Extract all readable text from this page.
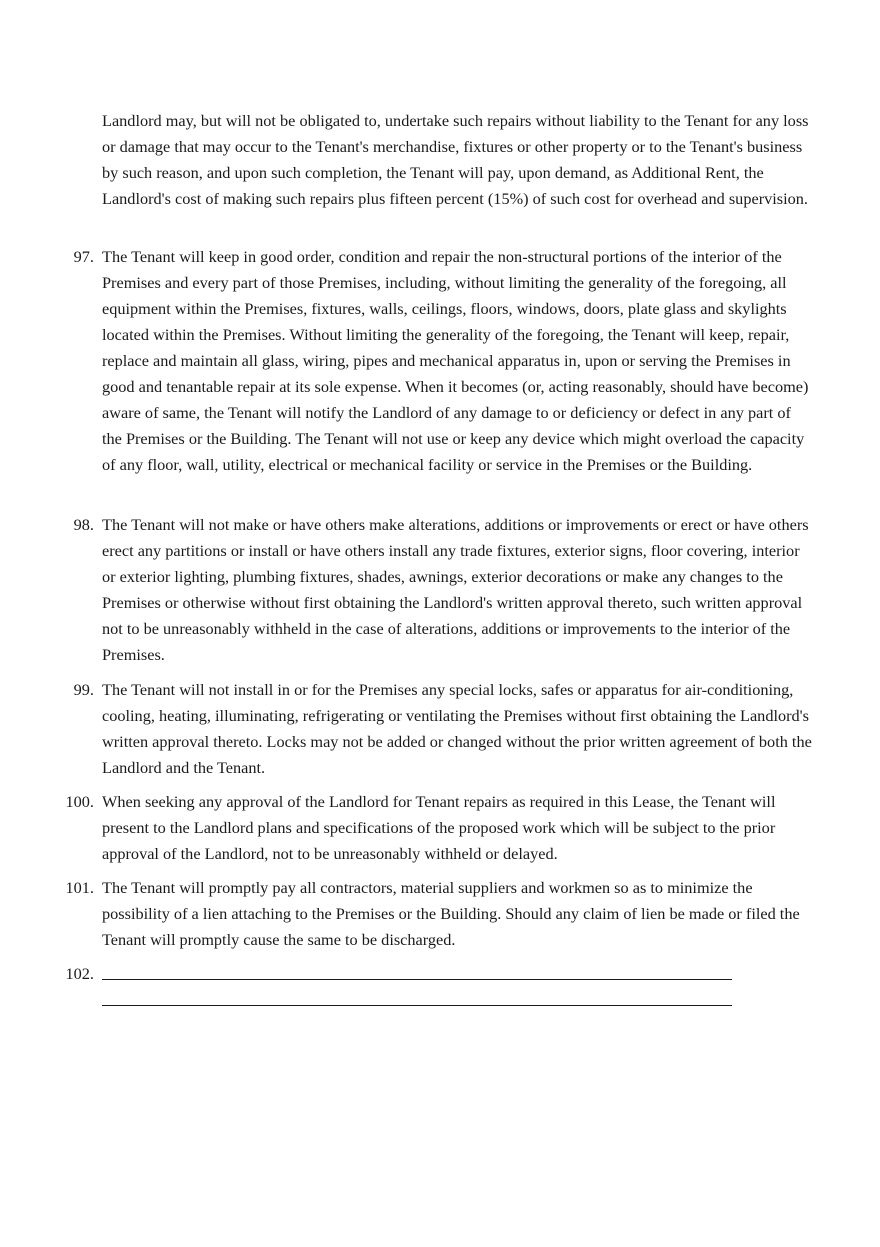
Landlord may, but will not be obligated to, undertake such repairs without liability to the Tenant for any loss or damage that may occur to the Tenant's merchandise, fixtures or other property or to the Tenant's business by such reason, and upon such completion, the Tenant will pay, upon demand, as Additional Rent, the Landlord's cost of making such repairs plus fifteen percent (15%) of such cost for overhead and supervision.
97. The Tenant will keep in good order, condition and repair the non-structural portions of the interior of the Premises and every part of those Premises, including, without limiting the generality of the foregoing, all equipment within the Premises, fixtures, walls, ceilings, floors, windows, doors, plate glass and skylights located within the Premises. Without limiting the generality of the foregoing, the Tenant will keep, repair, replace and maintain all glass, wiring, pipes and mechanical apparatus in, upon or serving the Premises in good and tenantable repair at its sole expense. When it becomes (or, acting reasonably, should have become) aware of same, the Tenant will notify the Landlord of any damage to or deficiency or defect in any part of the Premises or the Building. The Tenant will not use or keep any device which might overload the capacity of any floor, wall, utility, electrical or mechanical facility or service in the Premises or the Building.
98. The Tenant will not make or have others make alterations, additions or improvements or erect or have others erect any partitions or install or have others install any trade fixtures, exterior signs, floor covering, interior or exterior lighting, plumbing fixtures, shades, awnings, exterior decorations or make any changes to the Premises or otherwise without first obtaining the Landlord's written approval thereto, such written approval not to be unreasonably withheld in the case of alterations, additions or improvements to the interior of the Premises.
99. The Tenant will not install in or for the Premises any special locks, safes or apparatus for air-conditioning, cooling, heating, illuminating, refrigerating or ventilating the Premises without first obtaining the Landlord's written approval thereto. Locks may not be added or changed without the prior written agreement of both the Landlord and the Tenant.
100. When seeking any approval of the Landlord for Tenant repairs as required in this Lease, the Tenant will present to the Landlord plans and specifications of the proposed work which will be subject to the prior approval of the Landlord, not to be unreasonably withheld or delayed.
101. The Tenant will promptly pay all contractors, material suppliers and workmen so as to minimize the possibility of a lien attaching to the Premises or the Building. Should any claim of lien be made or filed the Tenant will promptly cause the same to be discharged.
102.
